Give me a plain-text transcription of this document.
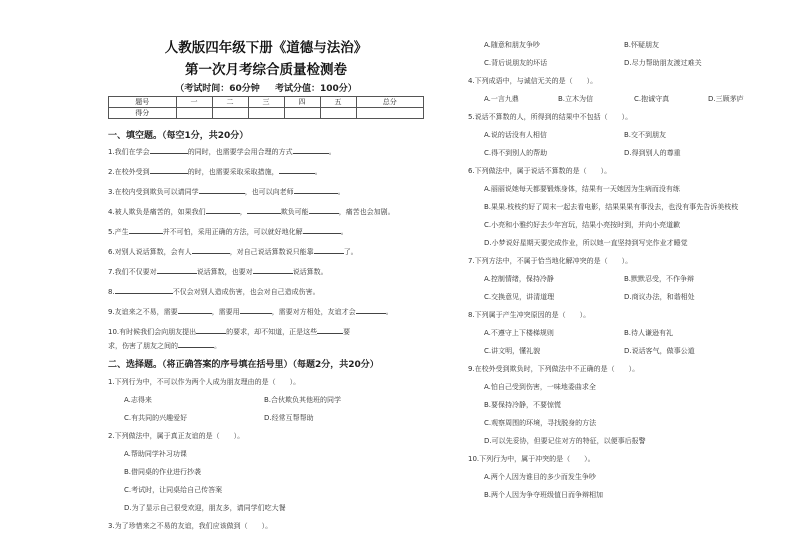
人教版四年级下册《道德与法治》
第一次月考综合质量检测卷
（考试时间：60分钟 考试分值：100分）
题号	一	二	三	四	五	总分
得分						
一、填空题。（每空1分，共20分）
1.我们在学会	的同时，也需要学会用合理的方式	。
2.在校外受到	的时，也需要采取采取措施，	。
3.在校内受到欺负可以请同学	，也可以向老师	。
4.被人欺负是痛苦的，如果我们	，	欺负可能	，痛苦也会加剧。
5.产生	并不可怕，采用正确的方法，可以就好地化解	。
6.对别人说话算数，会有人	，对自己说话算数说只能靠	了。
7.我们不仅要对	说话算数，也要对	说话算数。
8.	不仅会对别人造成伤害，也会对自己造成伤害。
9.友谊来之不易，需要	，需要用	，需要对方相处，友谊才会	。
10.有时候我们会向朋友提出	的要求，却不知道，正是这些	要
求，伤害了朋友之间的	。
二、选择题。（将正确答案的序号填在括号里）（每题2分，共20分）
1.下列行为中，不可以作为两个人成为朋友理由的是（　　）。
A.志得来	B.合伙欺负其他班的同学
C.有共同的兴趣爱好	D.经常互帮帮助
2.下列做法中，属于真正友谊的是（　　）。
A.帮助同学补习功课
B.借同桌的作业进行抄袭
C.考试时，让同桌给自己传答案
D.为了显示自己很受欢迎，朋友多，请同学们吃大餐
3.为了珍惜来之不易的友谊，我们应该做到（　　）。
A.随意和朋友争吵	B.怀疑朋友
C.背后说朋友的坏话	D.尽力帮助朋友渡过难关
4.下列成语中，与诚信无关的是（　　）。
A.一言九鼎	B.立木为信	C.抱诚守真	D.三顾茅庐
5.说话不算数的人，所得到的结果中不包括（　　）。
A.说的话没有人相信	B.交不到朋友
C.得不到别人的帮助	D.得到别人的尊重
6.下列做法中，属于说话不算数的是（　　）。
A.丽丽说她每天都要锻炼身体，结果有一天她因为生病而没有练
B.果果.枝枝约好了周末一起去看电影，结果果果有事没去，也没有事先告诉美枝枝
C.小亮和小雅约好去少年宫玩，结果小亮按时到，并向小亮道歉
D.小梦说好星期天要完成作业，所以她一直坚持到写完作业才睡觉
7.下列方法中，不属于恰当地化解冲突的是（　　）。
A.控制情绪，保持冷静	B.默默忍受，不作争辩
C.交换意见，讲清道理	D.商议办法，和谐相处
8.下列属于产生冲突原因的是（　　）。
A.不遵守上下楼梯规则	B.待人谦逊有礼
C.讲文明，懂礼貌	D.说话客气，做事公道
9.在校外受到欺负时，下列做法中不正确的是（　　）。
A.怕自己受到伤害，一味地委曲求全
B.要保持冷静，不要惊慌
C.观察周围的环境，寻找脱身的方法
D.可以先妥协，但要记住对方的特征，以便事后报警
10.下列行为中，属于冲突的是（　　）。
A.两个人因为谁目的多少而发生争吵
B.两个人因为争夺班级值日而争辩相加
